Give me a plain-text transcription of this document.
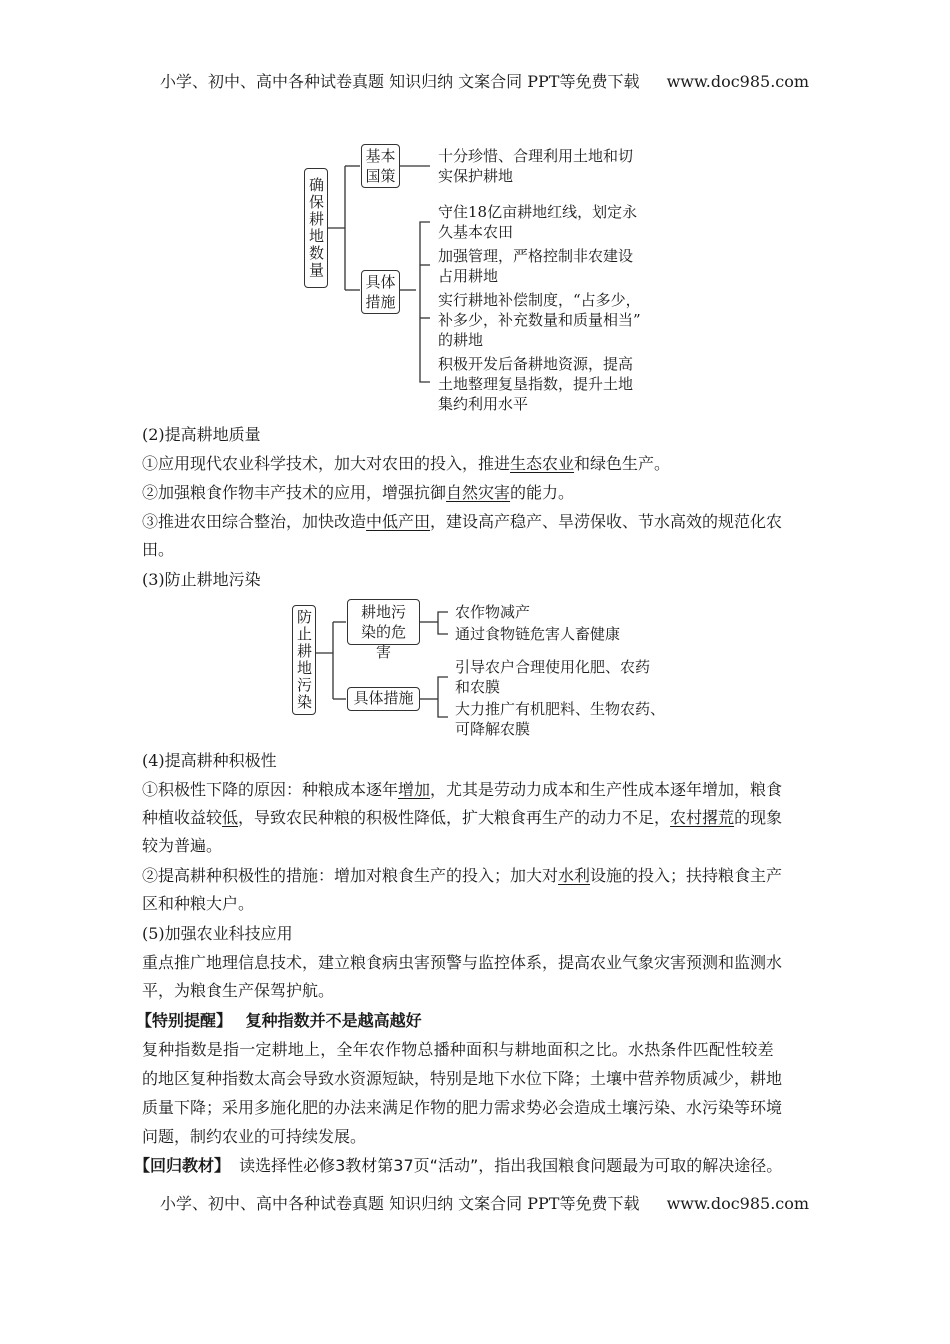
小学、初中、高中各种试卷真题 知识归纳 文案合同 PPT等免费下载 www.doc985.com
确保耕地数量
基本国策
具体措施
十分珍惜、合理利用土地和切
实保护耕地
守住18亿亩耕地红线，划定永
久基本农田
加强管理，严格控制非农建设
占用耕地
实行耕地补偿制度，“占多少，
补多少，补充数量和质量相当”
的耕地
积极开发后备耕地资源，提高
土地整理复垦指数，提升土地
集约利用水平
(2)提高耕地质量
①应用现代农业科学技术，加大对农田的投入，推进生态农业和绿色生产。
②加强粮食作物丰产技术的应用，增强抗御自然灾害的能力。
③推进农田综合整治，加快改造中低产田，建设高产稳产、旱涝保收、节水高效的规范化农
田。
(3)防止耕地污染
防止耕地污染	耕地污染的危害
具体措施
农作物减产
通过食物链危害人畜健康
引导农户合理使用化肥、农药
和农膜
大力推广有机肥料、生物农药、
可降解农膜
(4)提高耕种积极性
①积极性下降的原因：种粮成本逐年增加，尤其是劳动力成本和生产性成本逐年增加，粮食
种植收益较低，导致农民种粮的积极性降低，扩大粮食再生产的动力不足，农村撂荒的现象
较为普遍。
②提高耕种积极性的措施：增加对粮食生产的投入；加大对水利设施的投入；扶持粮食主产
区和种粮大户。
(5)加强农业科技应用
重点推广地理信息技术，建立粮食病虫害预警与监控体系，提高农业气象灾害预测和监测水
平，为粮食生产保驾护航。
【特别提醒】 复种指数并不是越高越好
复种指数是指一定耕地上，全年农作物总播种面积与耕地面积之比。水热条件匹配性较差
的地区复种指数太高会导致水资源短缺，特别是地下水位下降；土壤中营养物质减少，耕地
质量下降；采用多施化肥的办法来满足作物的肥力需求势必会造成土壤污染、水污染等环境
问题，制约农业的可持续发展。
【回归教材】 读选择性必修3教材第37页“活动”，指出我国粮食问题最为可取的解决途径。
小学、初中、高中各种试卷真题 知识归纳 文案合同 PPT等免费下载 www.doc985.com
